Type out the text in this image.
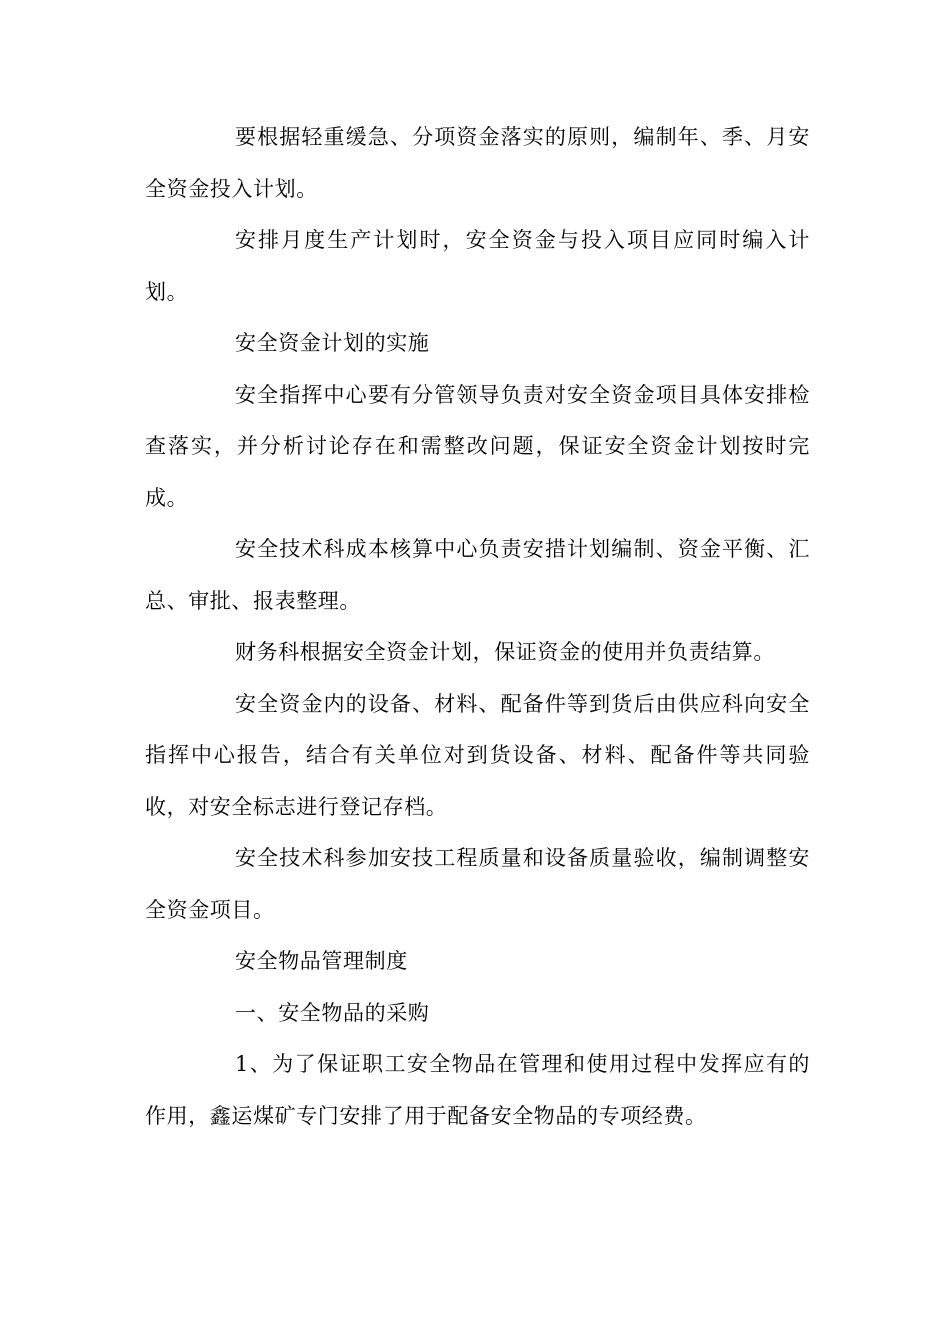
要根据轻重缓急、分项资金落实的原则，编制年、季、月安全资金投入计划。

安排月度生产计划时，安全资金与投入项目应同时编入计划。

安全资金计划的实施

安全指挥中心要有分管领导负责对安全资金项目具体安排检查落实，并分析讨论存在和需整改问题，保证安全资金计划按时完成。

安全技术科成本核算中心负责安措计划编制、资金平衡、汇总、审批、报表整理。

财务科根据安全资金计划，保证资金的使用并负责结算。

安全资金内的设备、材料、配备件等到货后由供应科向安全指挥中心报告，结合有关单位对到货设备、材料、配备件等共同验收，对安全标志进行登记存档。

安全技术科参加安技工程质量和设备质量验收，编制调整安全资金项目。

安全物品管理制度

一、安全物品的采购

1、为了保证职工安全物品在管理和使用过程中发挥应有的作用，鑫运煤矿专门安排了用于配备安全物品的专项经费。
